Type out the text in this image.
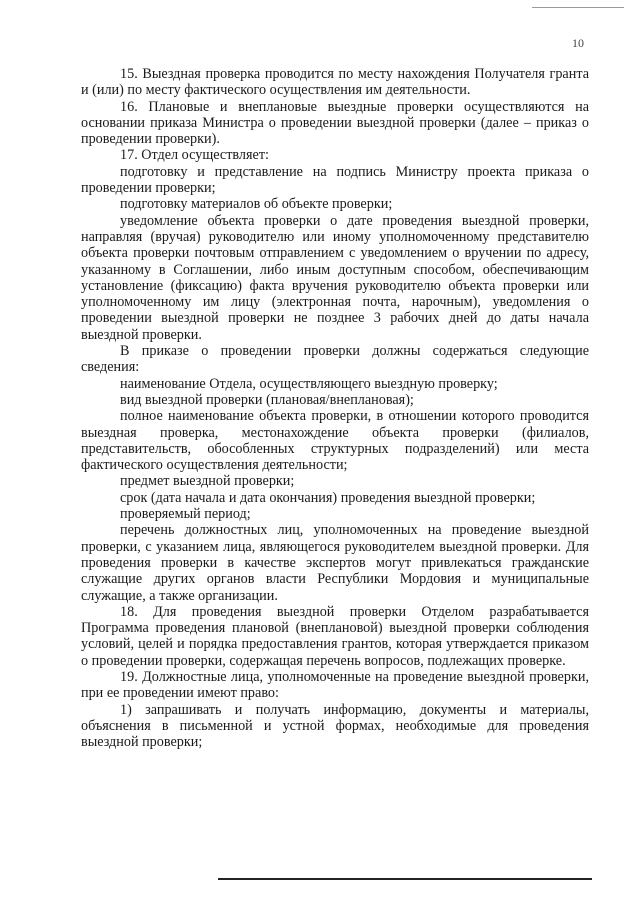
10

15. Выездная проверка проводится по месту нахождения Получателя гранта и (или) по месту фактического осуществления им деятельности.

16. Плановые и внеплановые выездные проверки осуществляются на основании приказа Министра о проведении выездной проверки (далее – приказ о проведении проверки).

17. Отдел осуществляет:

подготовку и представление на подпись Министру проекта приказа о проведении проверки;

подготовку материалов об объекте проверки;

уведомление объекта проверки о дате проведения выездной проверки, направляя (вручая) руководителю или иному уполномоченному представителю объекта проверки почтовым отправлением с уведомлением о вручении по адресу, указанному в Соглашении, либо иным доступным способом, обеспечивающим установление (фиксацию) факта вручения руководителю объекта проверки или уполномоченному им лицу (электронная почта, нарочным), уведомления о проведении выездной проверки не позднее 3 рабочих дней до даты начала выездной проверки.

В приказе о проведении проверки должны содержаться следующие сведения:

наименование Отдела, осуществляющего выездную проверку;

вид выездной проверки (плановая/внеплановая);

полное наименование объекта проверки, в отношении которого проводится выездная проверка, местонахождение объекта проверки (филиалов, представительств, обособленных структурных подразделений) или места фактического осуществления деятельности;

предмет выездной проверки;

срок (дата начала и дата окончания) проведения выездной проверки;

проверяемый период;

перечень должностных лиц, уполномоченных на проведение выездной проверки, с указанием лица, являющегося руководителем выездной проверки. Для проведения проверки в качестве экспертов могут привлекаться гражданские служащие других органов власти Республики Мордовия и муниципальные служащие, а также организации.

18. Для проведения выездной проверки Отделом разрабатывается Программа проведения плановой (внеплановой) выездной проверки соблюдения условий, целей и порядка предоставления грантов, которая утверждается приказом о проведении проверки, содержащая перечень вопросов, подлежащих проверке.

19. Должностные лица, уполномоченные на проведение выездной проверки, при ее проведении имеют право:

1) запрашивать и получать информацию, документы и материалы, объяснения в письменной и устной формах, необходимые для проведения выездной проверки;
